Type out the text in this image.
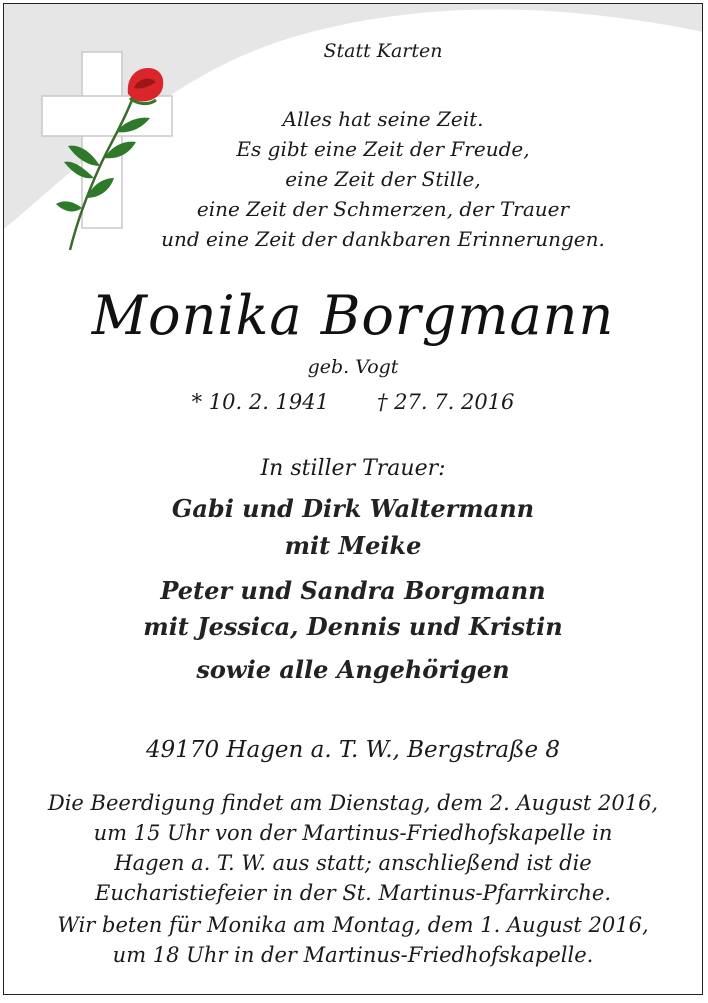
Statt Karten
Alles hat seine Zeit.
Es gibt eine Zeit der Freude,
eine Zeit der Stille,
eine Zeit der Schmerzen, der Trauer
und eine Zeit der dankbaren Erinnerungen.
Monika Borgmann
geb. Vogt
* 10. 2. 1941 † 27. 7. 2016
In stiller Trauer:
Gabi und Dirk Waltermann
mit Meike
Peter und Sandra Borgmann
mit Jessica, Dennis und Kristin
sowie alle Angehörigen
49170 Hagen a. T. W., Bergstraße 8
Die Beerdigung findet am Dienstag, dem 2. August 2016,
um 15 Uhr von der Martinus-Friedhofskapelle in
Hagen a. T. W. aus statt; anschließend ist die
Eucharistiefeier in der St. Martinus-Pfarrkirche.
Wir beten für Monika am Montag, dem 1. August 2016,
um 18 Uhr in der Martinus-Friedhofskapelle.
